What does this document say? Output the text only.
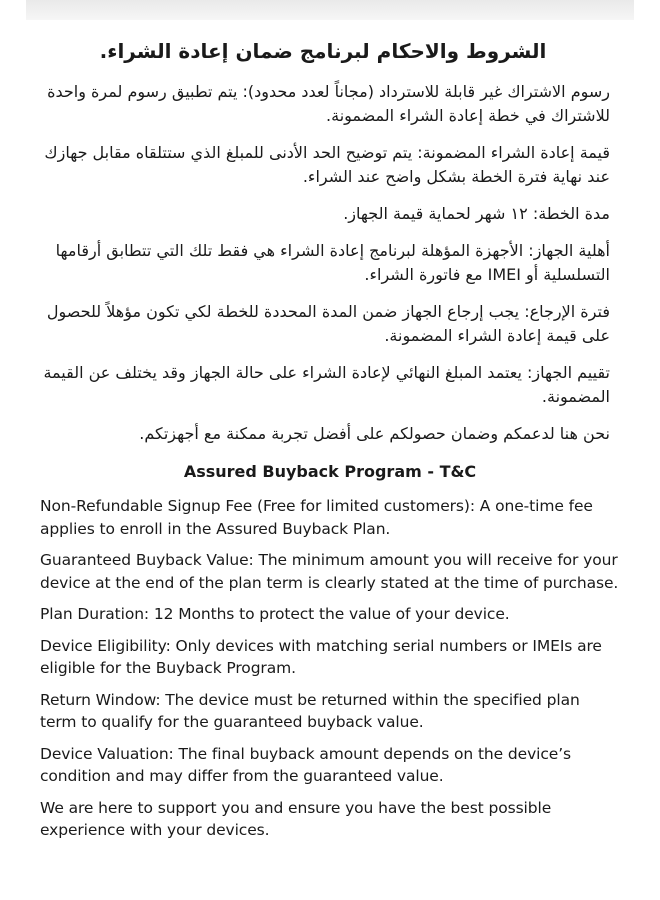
الشروط والاحكام لبرنامج ضمان إعادة الشراء.

رسوم الاشتراك غير قابلة للاسترداد (مجاناً لعدد محدود): يتم تطبيق رسوم لمرة واحدة للاشتراك في خطة إعادة الشراء المضمونة.

قيمة إعادة الشراء المضمونة: يتم توضيح الحد الأدنى للمبلغ الذي ستتلقاه مقابل جهازك عند نهاية فترة الخطة بشكل واضح عند الشراء.

مدة الخطة: ١٢ شهر لحماية قيمة الجهاز.

أهلية الجهاز: الأجهزة المؤهلة لبرنامج إعادة الشراء هي فقط تلك التي تتطابق أرقامها التسلسلية أو IMEI مع فاتورة الشراء.

فترة الإرجاع: يجب إرجاع الجهاز ضمن المدة المحددة للخطة لكي تكون مؤهلاً للحصول على قيمة إعادة الشراء المضمونة.

تقييم الجهاز: يعتمد المبلغ النهائي لإعادة الشراء على حالة الجهاز وقد يختلف عن القيمة المضمونة.

نحن هنا لدعمكم وضمان حصولكم على أفضل تجربة ممكنة مع أجهزتكم.

Assured Buyback Program - T&C

Non-Refundable Signup Fee (Free for limited customers): A one-time fee applies to enroll in the Assured Buyback Plan.

Guaranteed Buyback Value: The minimum amount you will receive for your device at the end of the plan term is clearly stated at the time of purchase.

Plan Duration: 12 Months to protect the value of your device.

Device Eligibility: Only devices with matching serial numbers or IMEIs are eligible for the Buyback Program.

Return Window: The device must be returned within the specified plan term to qualify for the guaranteed buyback value.

Device Valuation: The final buyback amount depends on the device’s condition and may differ from the guaranteed value.

We are here to support you and ensure you have the best possible experience with your devices.
